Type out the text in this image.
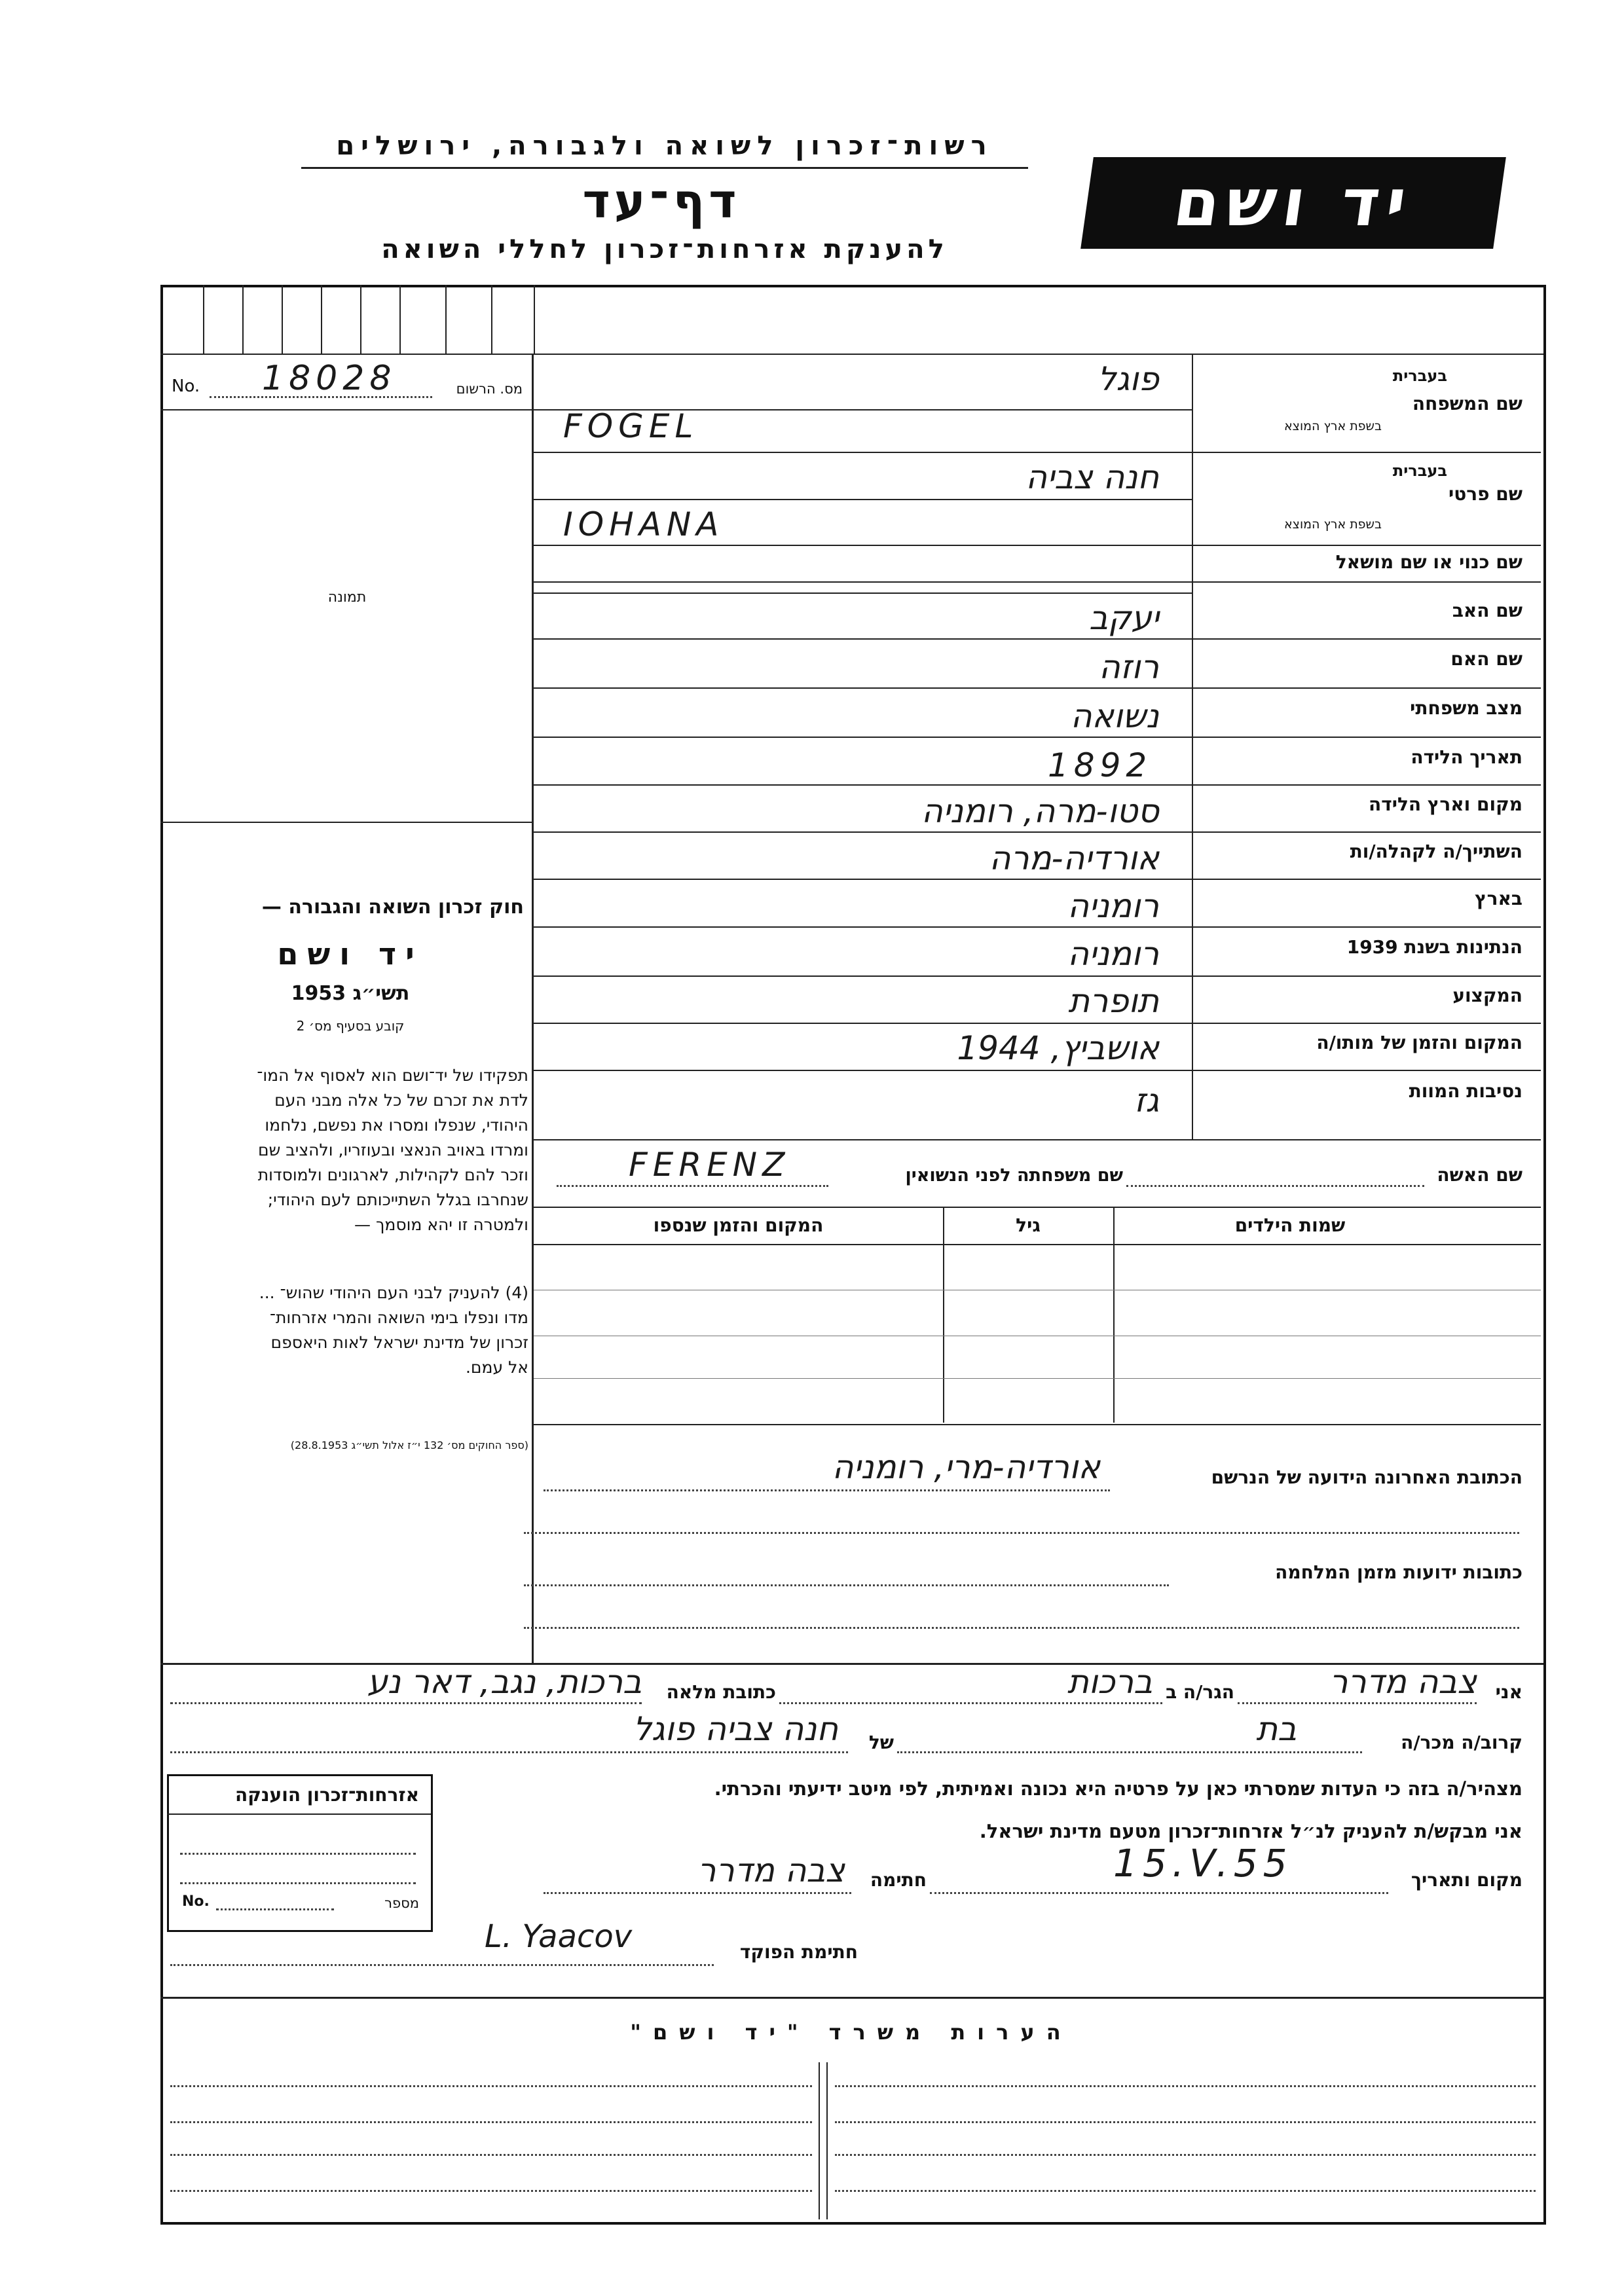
רשות־זכרון לשואה ולגבורה, ירושלים
דף־עד
להענקת אזרחות־זכרון לחללי השואה
יד ושם
No. 18028	מס. הרשום
תמונה
חוק זכרון השואה והגבורה —
יד ושם
תשי״ג 1953
קובע בסעיף מס׳ 2
תפקידו של יד־ושם הוא לאסוף אל המו־
לדת את זכרם של כל אלה מבני העם
היהודי, שנפלו ומסרו את נפשם, נלחמו
ומרדו באויב הנאצי ובעוזריו, ולהציב שם
וזכר להם לקהילות, לארגונים ולמוסדות
שנחרבו בגלל השתייכותם לעם היהודי;
ולמטרה זו יהא מוסמך —
(4) להעניק לבני העם היהודי שהוש־ ...
מדו ונפלו בימי השואה והמרי אזרחות־
זכרון של מדינת ישראל לאות היאספם
אל עמם.
(ספר החוקים מס׳ 132 י״ז אלול תשי״ג 28.8.1953)
שם המשפחה
בעברית
בשפת ארץ המוצא
פוגל
FOGEL
שם פרטי
בעברית
בשפת ארץ המוצא
חנה צביה
IOHANA
שם כנוי או שם מושאל
שם האב
יעקב
שם האם
רוזה
מצב משפחתי
נשואה
תאריך הלידה
1892
מקום וארץ הלידה
סטו-מרה, רומניה
השתייך/ה לקהלה/ות
אורדיה-מרה
בארץ
רומניה
הנתינות בשנת 1939
רומניה
המקצוע
תופרת
המקום והזמן של מותו/ה
אושביץ, 1944
נסיבות המוות
גז
שם האשה
שם משפחתה לפני הנשואין
FERENZ
שמות הילדים
גיל
המקום והזמן שנספו
הכתובת האחרונה הידועה של הנרשם
אורדיה-מרי, רומניה
כתובות ידועות מזמן המלחמה
אני
צבה מדרר
הגר/ה ב
ברכות
כתובת מלאה
ברכות, נגב, דאר נע
קרוב/ה מכר/ה
בת
של
חנה צביה פוגל
מצהיר/ה בזה כי העדות שמסרתי כאן על פרטיה היא נכונה ואמיתית, לפי מיטב ידיעתי והכרתי.
אני מבקש/ת להעניק לנ״ל אזרחות־זכרון מטעם מדינת ישראל.
מקום ותאריך
15.V.55
חתימה
צבה מדרר
אזרחות־זכרון הוענקה
No.	מספר
חתימת הפוקד
L. Yaacov
הערות משרד "יד ושם"
